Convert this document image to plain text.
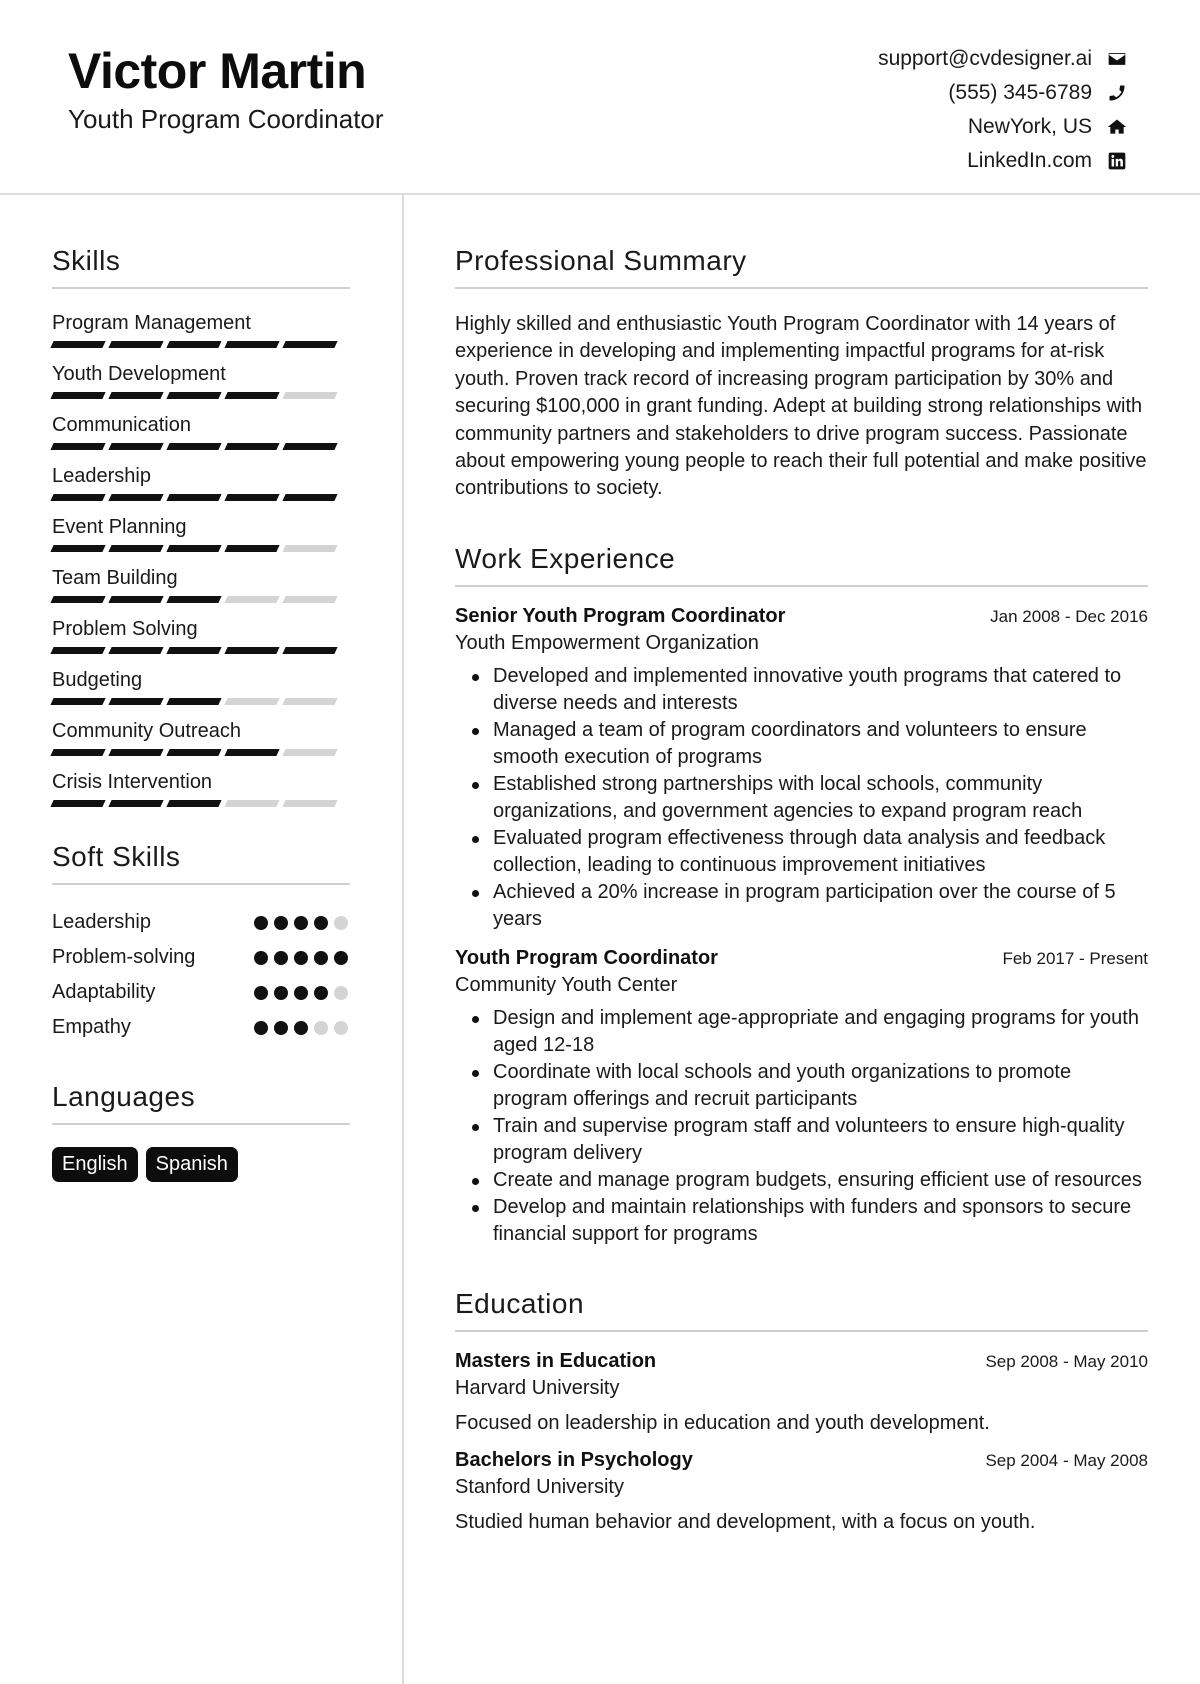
Victor Martin
Youth Program Coordinator
support@cvdesigner.ai
(555) 345-6789
NewYork, US
LinkedIn.com
Skills
Program Management
Youth Development
Communication
Leadership
Event Planning
Team Building
Problem Solving
Budgeting
Community Outreach
Crisis Intervention
Soft Skills
Leadership
Problem-solving
Adaptability
Empathy
Languages
English	Spanish
Professional Summary
Highly skilled and enthusiastic Youth Program Coordinator with 14 years of experience in developing and implementing impactful programs for at-risk youth. Proven track record of increasing program participation by 30% and securing $100,000 in grant funding. Adept at building strong relationships with community partners and stakeholders to drive program success. Passionate about empowering young people to reach their full potential and make positive contributions to society.
Work Experience
Senior Youth Program Coordinator	Jan 2008 - Dec 2016
Youth Empowerment Organization
Developed and implemented innovative youth programs that catered to diverse needs and interests
Managed a team of program coordinators and volunteers to ensure smooth execution of programs
Established strong partnerships with local schools, community organizations, and government agencies to expand program reach
Evaluated program effectiveness through data analysis and feedback collection, leading to continuous improvement initiatives
Achieved a 20% increase in program participation over the course of 5 years
Youth Program Coordinator	Feb 2017 - Present
Community Youth Center
Design and implement age-appropriate and engaging programs for youth aged 12-18
Coordinate with local schools and youth organizations to promote program offerings and recruit participants
Train and supervise program staff and volunteers to ensure high-quality program delivery
Create and manage program budgets, ensuring efficient use of resources
Develop and maintain relationships with funders and sponsors to secure financial support for programs
Education
Masters in Education	Sep 2008 - May 2010
Harvard University
Focused on leadership in education and youth development.
Bachelors in Psychology	Sep 2004 - May 2008
Stanford University
Studied human behavior and development, with a focus on youth.
